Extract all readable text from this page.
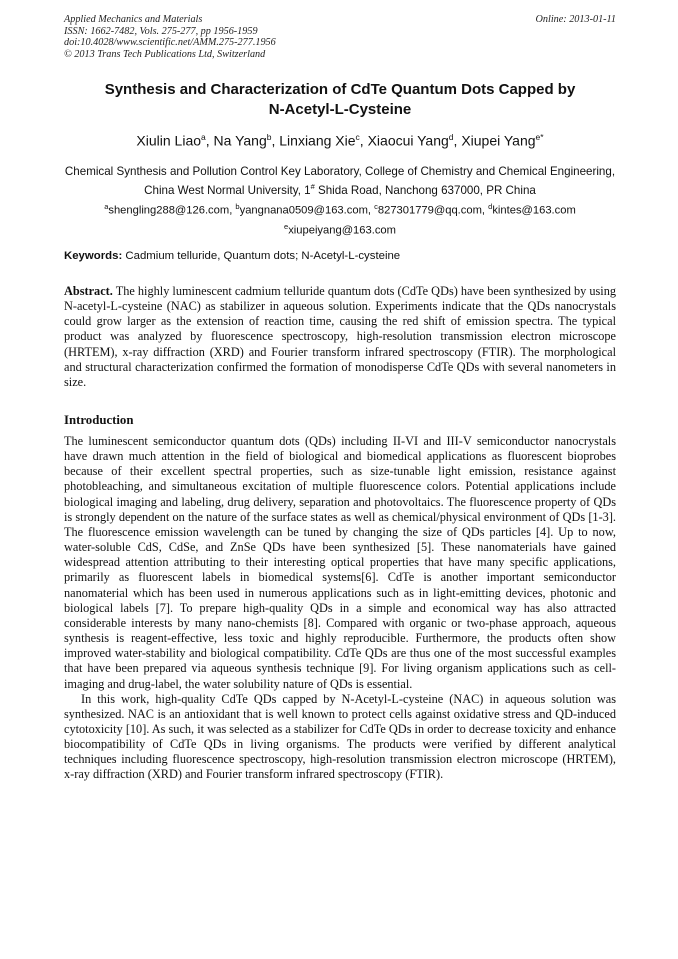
Applied Mechanics and Materials
ISSN: 1662-7482, Vols. 275-277, pp 1956-1959
doi:10.4028/www.scientific.net/AMM.275-277.1956
© 2013 Trans Tech Publications Ltd, Switzerland
Online: 2013-01-11
Synthesis and Characterization of CdTe Quantum Dots Capped by
N-Acetyl-L-Cysteine
Xiulin Liao$^a$, Na Yang$^b$, Linxiang Xie$^c$, Xiaocui Yang$^d$, Xiupei Yang$^{e*}$
Chemical Synthesis and Pollution Control Key Laboratory, College of Chemistry and Chemical Engineering, China West Normal University, 1# Shida Road, Nanchong 637000, PR China
$^a$shengling288@126.com, $^b$yangnana0509@163.com, $^c$827301779@qq.com, $^d$kintes@163.com
$^e$xiupeiyang@163.com
Keywords: Cadmium telluride, Quantum dots; N-Acetyl-L-cysteine
Abstract. The highly luminescent cadmium telluride quantum dots (CdTe QDs) have been synthesized by using N-acetyl-L-cysteine (NAC) as stabilizer in aqueous solution. Experiments indicate that the QDs nanocrystals could grow larger as the extension of reaction time, causing the red shift of emission spectra. The typical product was analyzed by fluorescence spectroscopy, high-resolution transmission electron microscope (HRTEM), x-ray diffraction (XRD) and Fourier transform infrared spectroscopy (FTIR). The morphological and structural characterization confirmed the formation of monodisperse CdTe QDs with several nanometers in size.
Introduction

The luminescent semiconductor quantum dots (QDs) including II-VI and III-V semiconductor nanocrystals have drawn much attention in the field of biological and biomedical applications as fluorescent bioprobes because of their excellent spectral properties, such as size-tunable light emission, resistance against photobleaching, and simultaneous excitation of multiple fluorescence colors. Potential applications include biological imaging and labeling, drug delivery, separation and photovoltaics. The fluorescence property of QDs is strongly dependent on the nature of the surface states as well as chemical/physical environment of QDs [1-3]. The fluorescence emission wavelength can be tuned by changing the size of QDs particles [4]. Up to now, water-soluble CdS, CdSe, and ZnSe QDs have been synthesized [5]. These nanomaterials have gained widespread attention attributing to their interesting optical properties that have many specific applications, primarily as fluorescent labels in biomedical systems[6]. CdTe is another important semiconductor nanomaterial which has been used in numerous applications such as in light-emitting devices, photonic and biological labels [7]. To prepare high-quality QDs in a simple and economical way has also attracted considerable interests by many nano-chemists [8]. Compared with organic or two-phase approach, aqueous synthesis is reagent-effective, less toxic and highly reproducible. Furthermore, the products often show improved water-stability and biological compatibility. CdTe QDs are thus one of the most successful examples that have been prepared via aqueous synthesis technique [9]. For living organism applications such as cell-imaging and drug-label, the water solubility nature of QDs is essential.

In this work, high-quality CdTe QDs capped by N-Acetyl-L-cysteine (NAC) in aqueous solution was synthesized. NAC is an antioxidant that is well known to protect cells against oxidative stress and QD-induced cytotoxicity [10]. As such, it was selected as a stabilizer for CdTe QDs in order to decrease toxicity and enhance biocompatibility of CdTe QDs in living organisms. The products were verified by different analytical techniques including fluorescence spectroscopy, high-resolution transmission electron microscope (HRTEM), x-ray diffraction (XRD) and Fourier transform infrared spectroscopy (FTIR).
